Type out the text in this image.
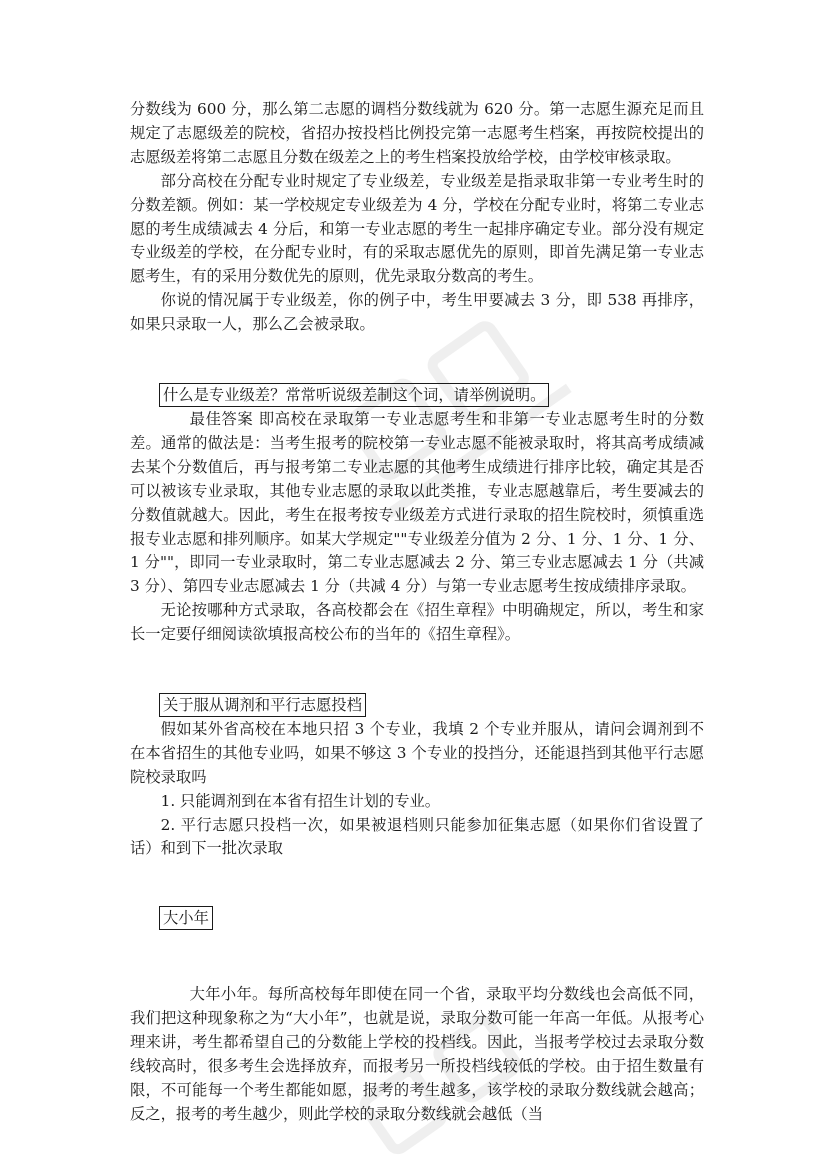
分数线为 600 分，那么第二志愿的调档分数线就为 620 分。第一志愿生源充足而且规定了志愿级差的院校，省招办按投档比例投完第一志愿考生档案，再按院校提出的志愿级差将第二志愿且分数在级差之上的考生档案投放给学校，由学校审核录取。

部分高校在分配专业时规定了专业级差，专业级差是指录取非第一专业考生时的分数差额。例如：某一学校规定专业级差为 4 分，学校在分配专业时，将第二专业志愿的考生成绩减去 4 分后，和第一专业志愿的考生一起排序确定专业。部分没有规定专业级差的学校，在分配专业时，有的采取志愿优先的原则，即首先满足第一专业志愿考生，有的采用分数优先的原则，优先录取分数高的考生。

你说的情况属于专业级差，你的例子中，考生甲要减去 3 分，即 538 再排序，如果只录取一人，那么乙会被录取。

什么是专业级差？常常听说级差制这个词，请举例说明。

最佳答案 即高校在录取第一专业志愿考生和非第一专业志愿考生时的分数差。通常的做法是：当考生报考的院校第一专业志愿不能被录取时，将其高考成绩减去某个分数值后，再与报考第二专业志愿的其他考生成绩进行排序比较，确定其是否可以被该专业录取，其他专业志愿的录取以此类推，专业志愿越靠后，考生要减去的分数值就越大。因此，考生在报考按专业级差方式进行录取的招生院校时，须慎重选报专业志愿和排列顺序。如某大学规定""专业级差分值为 2 分、1 分、1 分、1 分、1 分""，即同一专业录取时，第二专业志愿减去 2 分、第三专业志愿减去 1 分（共减 3 分）、第四专业志愿减去 1 分（共减 4 分）与第一专业志愿考生按成绩排序录取。

无论按哪种方式录取，各高校都会在《招生章程》中明确规定，所以，考生和家长一定要仔细阅读欲填报高校公布的当年的《招生章程》。

关于服从调剂和平行志愿投档

假如某外省高校在本地只招 3 个专业，我填 2 个专业并服从，请问会调剂到不在本省招生的其他专业吗，如果不够这 3 个专业的投挡分，还能退挡到其他平行志愿院校录取吗

1. 只能调剂到在本省有招生计划的专业。

2. 平行志愿只投档一次，如果被退档则只能参加征集志愿（如果你们省设置了话）和到下一批次录取

大小年

大年小年。每所高校每年即使在同一个省，录取平均分数线也会高低不同，我们把这种现象称之为“大小年”，也就是说，录取分数可能一年高一年低。从报考心理来讲，考生都希望自己的分数能上学校的投档线。因此，当报考学校过去录取分数线较高时，很多考生会选择放弃，而报考另一所投档线较低的学校。由于招生数量有限，不可能每一个考生都能如愿，报考的考生越多，该学校的录取分数线就会越高；反之，报考的考生越少，则此学校的录取分数线就会越低（当
